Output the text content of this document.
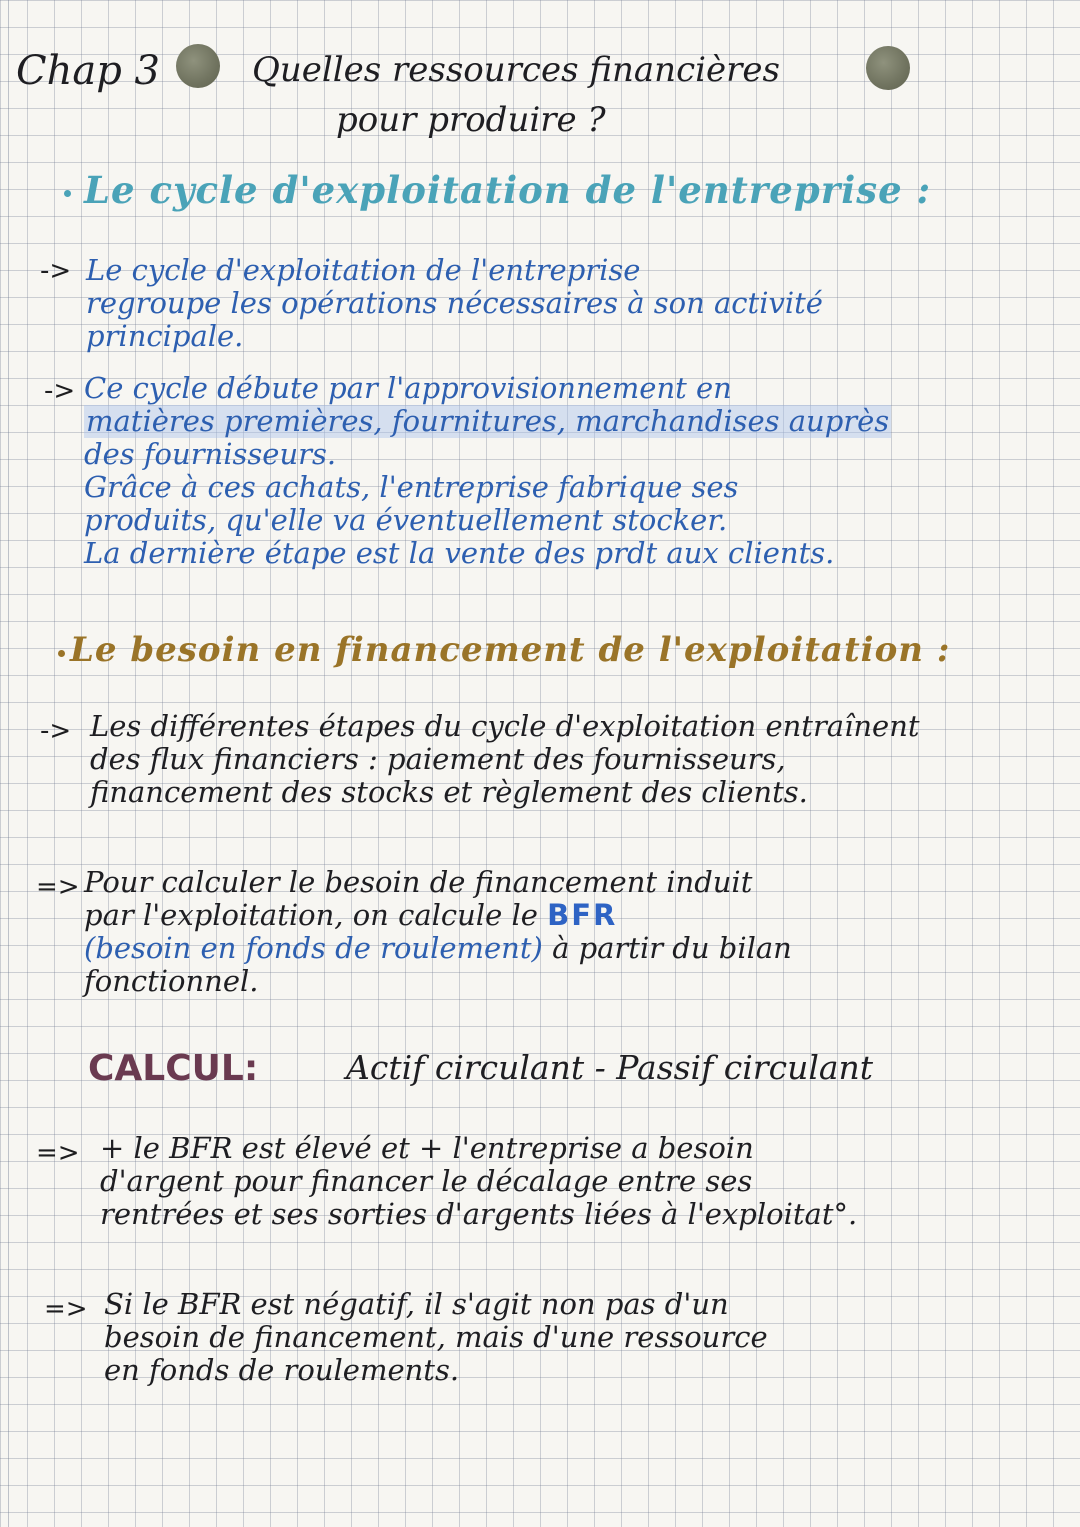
Chap 3	Quelles ressources financières
pour produire ?
Le cycle d'exploitation de l'entreprise :
-> Le cycle d'exploitation de l'entreprise
regroupe les opérations nécessaires à son activité
principale.
-> Ce cycle débute par l'approvisionnement en
matières premières, fournitures, marchandises auprès
des fournisseurs.
Grâce à ces achats, l'entreprise fabrique ses
produits, qu'elle va éventuellement stocker.
La dernière étape est la vente des prdt aux clients.
Le besoin en financement de l'exploitation :
-> Les différentes étapes du cycle d'exploitation entraînent
des flux financiers : paiement des fournisseurs,
financement des stocks et règlement des clients.
=> Pour calculer le besoin de financement induit
par l'exploitation, on calcule le BFR
(besoin en fonds de roulement) à partir du bilan
fonctionnel.
CALCUL:	Actif circulant - Passif circulant
=> + le BFR est élevé et + l'entreprise a besoin
d'argent pour financer le décalage entre ses
rentrées et ses sorties d'argents liées à l'exploitat°.
=> Si le BFR est négatif, il s'agit non pas d'un
besoin de financement, mais d'une ressource
en fonds de roulements.
